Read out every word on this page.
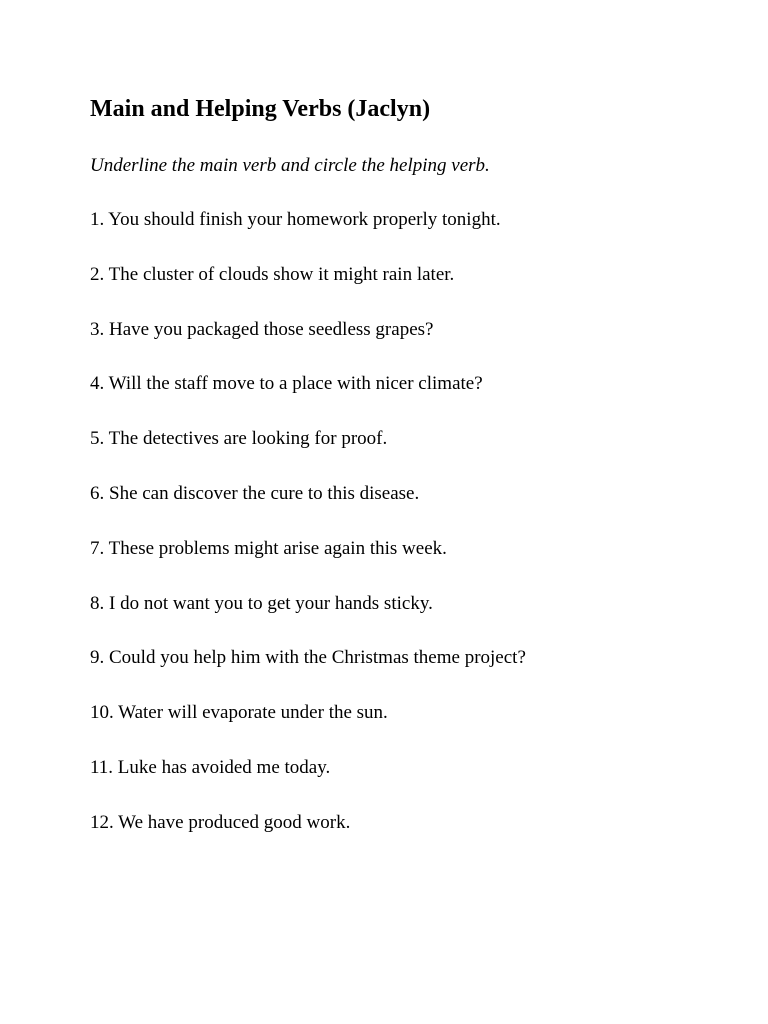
Main and Helping Verbs (Jaclyn)

Underline the main verb and circle the helping verb.

1. You should finish your homework properly tonight.
2. The cluster of clouds show it might rain later.
3. Have you packaged those seedless grapes?
4. Will the staff move to a place with nicer climate?
5. The detectives are looking for proof.
6. She can discover the cure to this disease.
7. These problems might arise again this week.
8. I do not want you to get your hands sticky.
9. Could you help him with the Christmas theme project?
10. Water will evaporate under the sun.
11. Luke has avoided me today.
12. We have produced good work.
